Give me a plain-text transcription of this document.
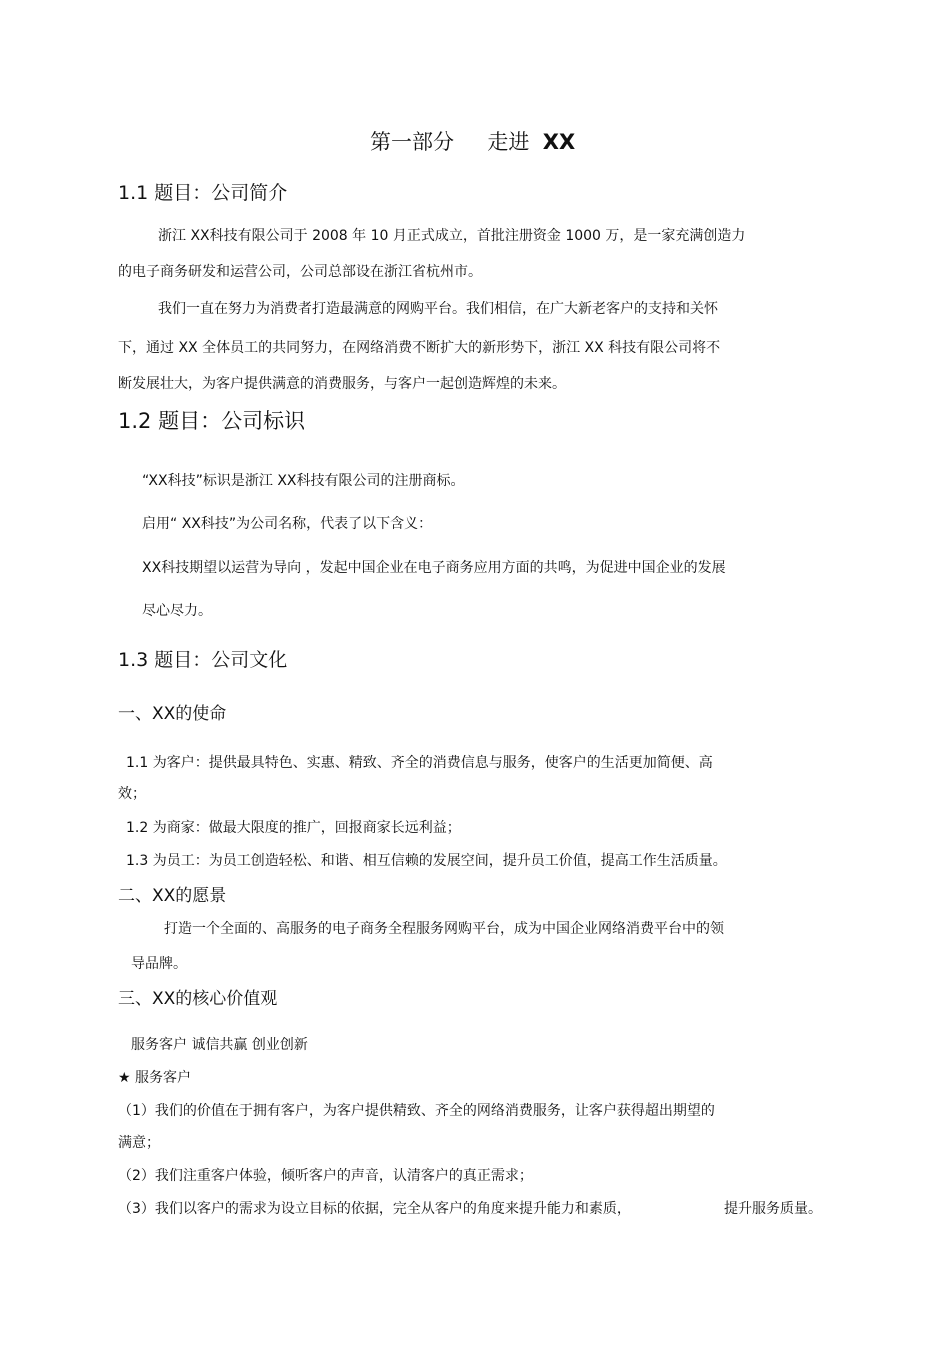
第一部分 走进 XX
1.1 题目：公司简介
浙江 XX科技有限公司于 2008 年 10 月正式成立，首批注册资金 1000 万，是一家充满创造力
的电子商务研发和运营公司，公司总部设在浙江省杭州市。
我们一直在努力为消费者打造最满意的网购平台。我们相信，在广大新老客户的支持和关怀
下，通过 XX 全体员工的共同努力，在网络消费不断扩大的新形势下，浙江 XX 科技有限公司将不
断发展壮大，为客户提供满意的消费服务，与客户一起创造辉煌的未来。
1.2 题目：公司标识
“XX科技”标识是浙江 XX科技有限公司的注册商标。
启用“ XX科技”为公司名称，代表了以下含义：
XX科技期望以运营为导向 ，发起中国企业在电子商务应用方面的共鸣，为促进中国企业的发展
尽心尽力。
1.3 题目：公司文化
一、XX的使命
1.1 为客户：提供最具特色、实惠、精致、齐全的消费信息与服务，使客户的生活更加简便、高
效；
1.2 为商家：做最大限度的推广，回报商家长远利益；
1.3 为员工：为员工创造轻松、和谐、相互信赖的发展空间，提升员工价值，提高工作生活质量。
二、XX的愿景
打造一个全面的、高服务的电子商务全程服务网购平台，成为中国企业网络消费平台中的领
导品牌。
三、XX的核心价值观
服务客户 诚信共赢 创业创新
★ 服务客户
（1）我们的价值在于拥有客户，为客户提供精致、齐全的网络消费服务，让客户获得超出期望的
满意；
（2）我们注重客户体验，倾听客户的声音，认清客户的真正需求；
（3）我们以客户的需求为设立目标的依据，完全从客户的角度来提升能力和素质，	提升服务质量。
